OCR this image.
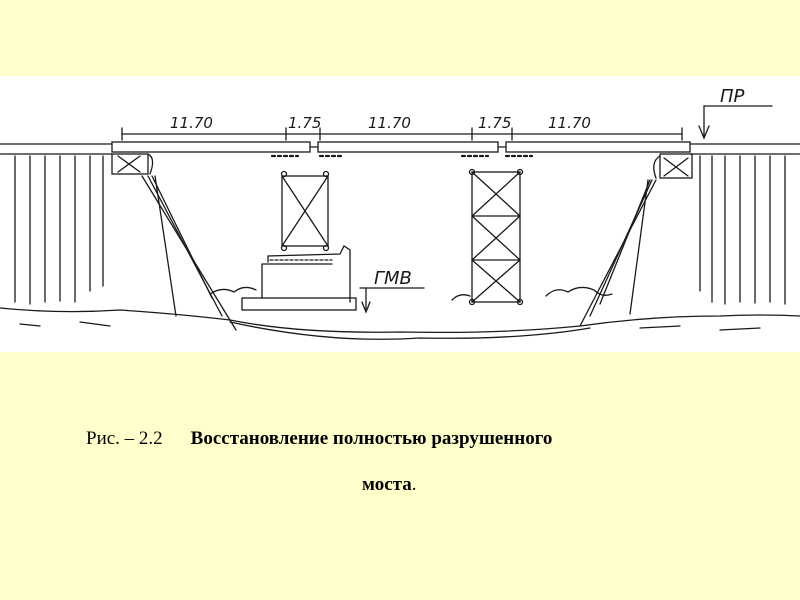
11.70	1.75	11.70	1.75 11.70
ПР
ГМВ
Рис. – 2.2 Восстановление полностью разрушенного
моста.
